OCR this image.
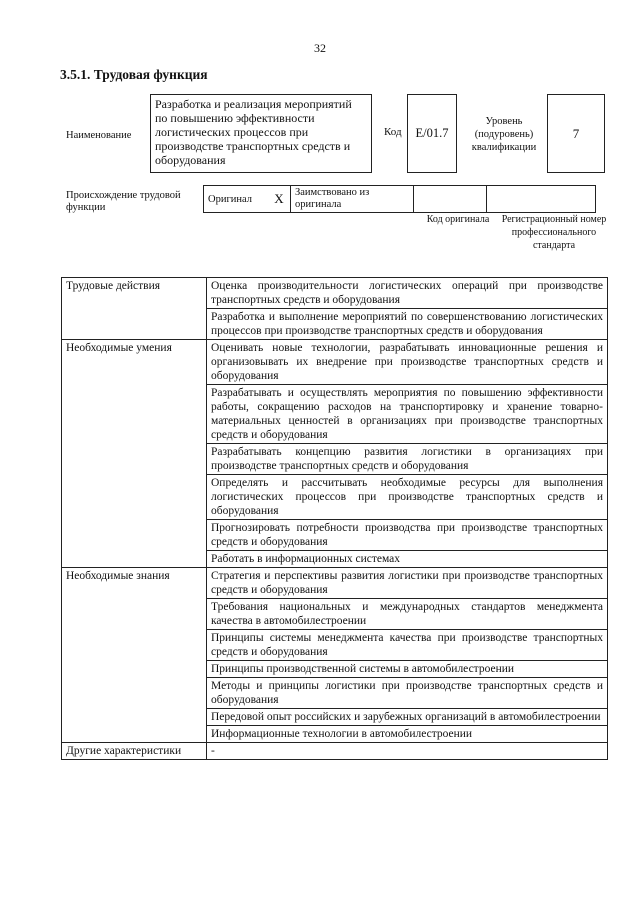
32
3.5.1. Трудовая функция
Наименование
Разработка и реализация мероприятий по повышению эффективности логистических процессов при производстве транспортных средств и оборудования
Код	E/01.7
Уровень (подуровень) квалификации
7
Происхождение трудовой функции
Оригинал	X	Заимствовано из оригинала		
Код оригинала Регистрационный номер профессионального стандарта
Трудовые действия	Оценка производительности логистических операций при производстве транспортных средств и оборудования
	Разработка и выполнение мероприятий по совершенствованию логистических процессов при производстве транспортных средств и оборудования
Необходимые умения	Оценивать новые технологии, разрабатывать инновационные решения и организовывать их внедрение при производстве транспортных средств и оборудования
	Разрабатывать и осуществлять мероприятия по повышению эффективности работы, сокращению расходов на транспортировку и хранение товарно-материальных ценностей в организациях при производстве транспортных средств и оборудования
	Разрабатывать концепцию развития логистики в организациях при производстве транспортных средств и оборудования
	Определять и рассчитывать необходимые ресурсы для выполнения логистических процессов при производстве транспортных средств и оборудования
	Прогнозировать потребности производства при производстве транспортных средств и оборудования
	Работать в информационных системах
Необходимые знания	Стратегия и перспективы развития логистики при производстве транспортных средств и оборудования
	Требования национальных и международных стандартов менеджмента качества в автомобилестроении
	Принципы системы менеджмента качества при производстве транспортных средств и оборудования
	Принципы производственной системы в автомобилестроении
	Методы и принципы логистики при производстве транспортных средств и оборудования
	Передовой опыт российских и зарубежных организаций в автомобилестроении
	Информационные технологии в автомобилестроении
Другие характеристики	-
